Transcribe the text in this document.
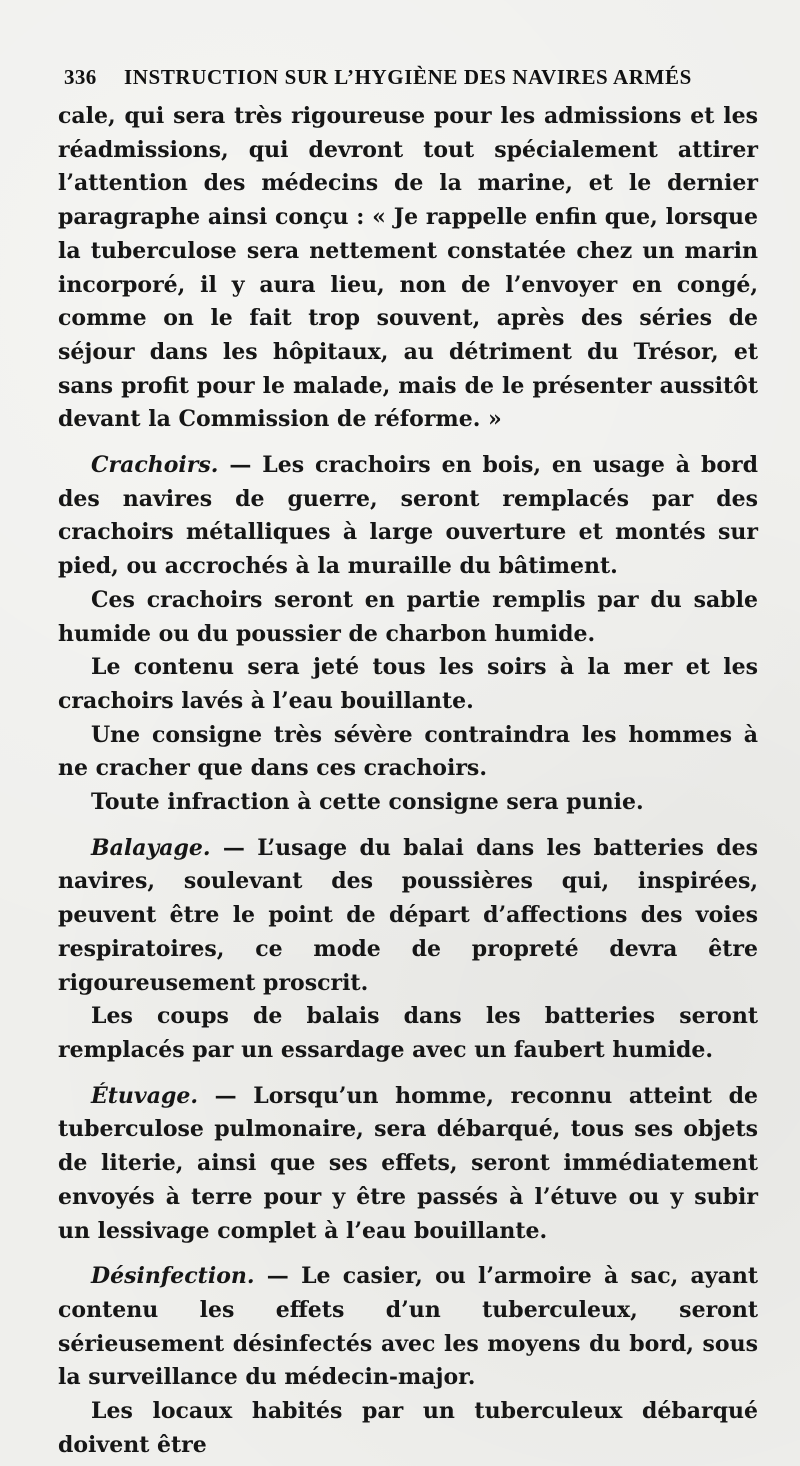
336 INSTRUCTION SUR L’HYGIÈNE DES NAVIRES ARMÉS

cale, qui sera très rigoureuse pour les admissions et les réadmissions, qui devront tout spécialement attirer l’attention des médecins de la marine, et le dernier paragraphe ainsi conçu : « Je rappelle enfin que, lorsque la tuberculose sera nettement constatée chez un marin incorporé, il y aura lieu, non de l’envoyer en congé, comme on le fait trop souvent, après des séries de séjour dans les hôpitaux, au détriment du Trésor, et sans profit pour le malade, mais de le présenter aussitôt devant la Commission de réforme. »

Crachoirs. — Les crachoirs en bois, en usage à bord des navires de guerre, seront remplacés par des crachoirs métalliques à large ouverture et montés sur pied, ou accrochés à la muraille du bâtiment.

Ces crachoirs seront en partie remplis par du sable humide ou du poussier de charbon humide.

Le contenu sera jeté tous les soirs à la mer et les crachoirs lavés à l’eau bouillante.

Une consigne très sévère contraindra les hommes à ne cracher que dans ces crachoirs.

Toute infraction à cette consigne sera punie.

Balayage. — L’usage du balai dans les batteries des navires, soulevant des poussières qui, inspirées, peuvent être le point de départ d’affections des voies respiratoires, ce mode de propreté devra être rigoureusement proscrit.

Les coups de balais dans les batteries seront remplacés par un essardage avec un faubert humide.

Étuvage. — Lorsqu’un homme, reconnu atteint de tuberculose pulmonaire, sera débarqué, tous ses objets de literie, ainsi que ses effets, seront immédiatement envoyés à terre pour y être passés à l’étuve ou y subir un lessivage complet à l’eau bouillante.

Désinfection. — Le casier, ou l’armoire à sac, ayant contenu les effets d’un tuberculeux, seront sérieusement désinfectés avec les moyens du bord, sous la surveillance du médecin-major.

Les locaux habités par un tuberculeux débarqué doivent être
